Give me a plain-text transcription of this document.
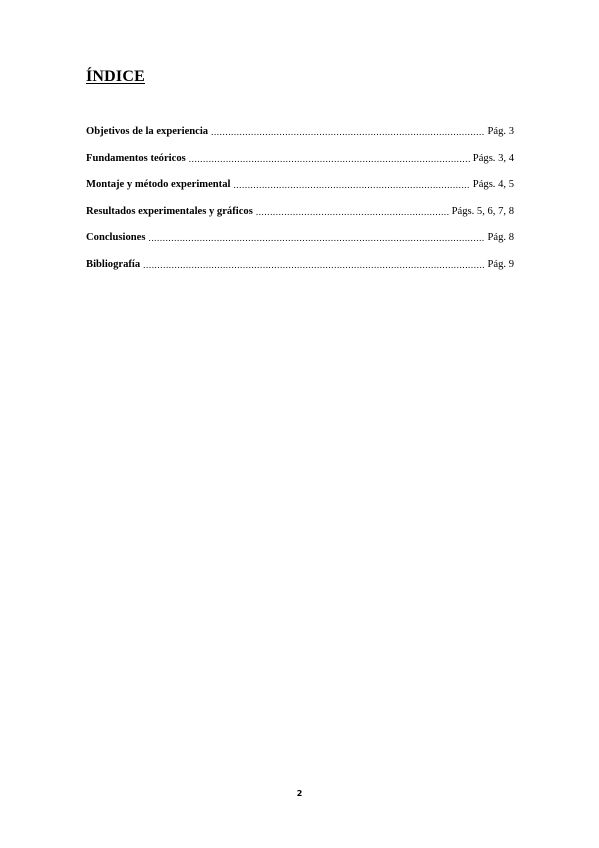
ÍNDICE
Objetivos de la experiencia .....	Pág. 3
Fundamentos teóricos .....	Págs. 3, 4
Montaje y método experimental .....	Págs. 4, 5
Resultados experimentales y gráficos .....	Págs. 5, 6, 7, 8
Conclusiones .....	Pág. 8
Bibliografía .....	Pág. 9
2
